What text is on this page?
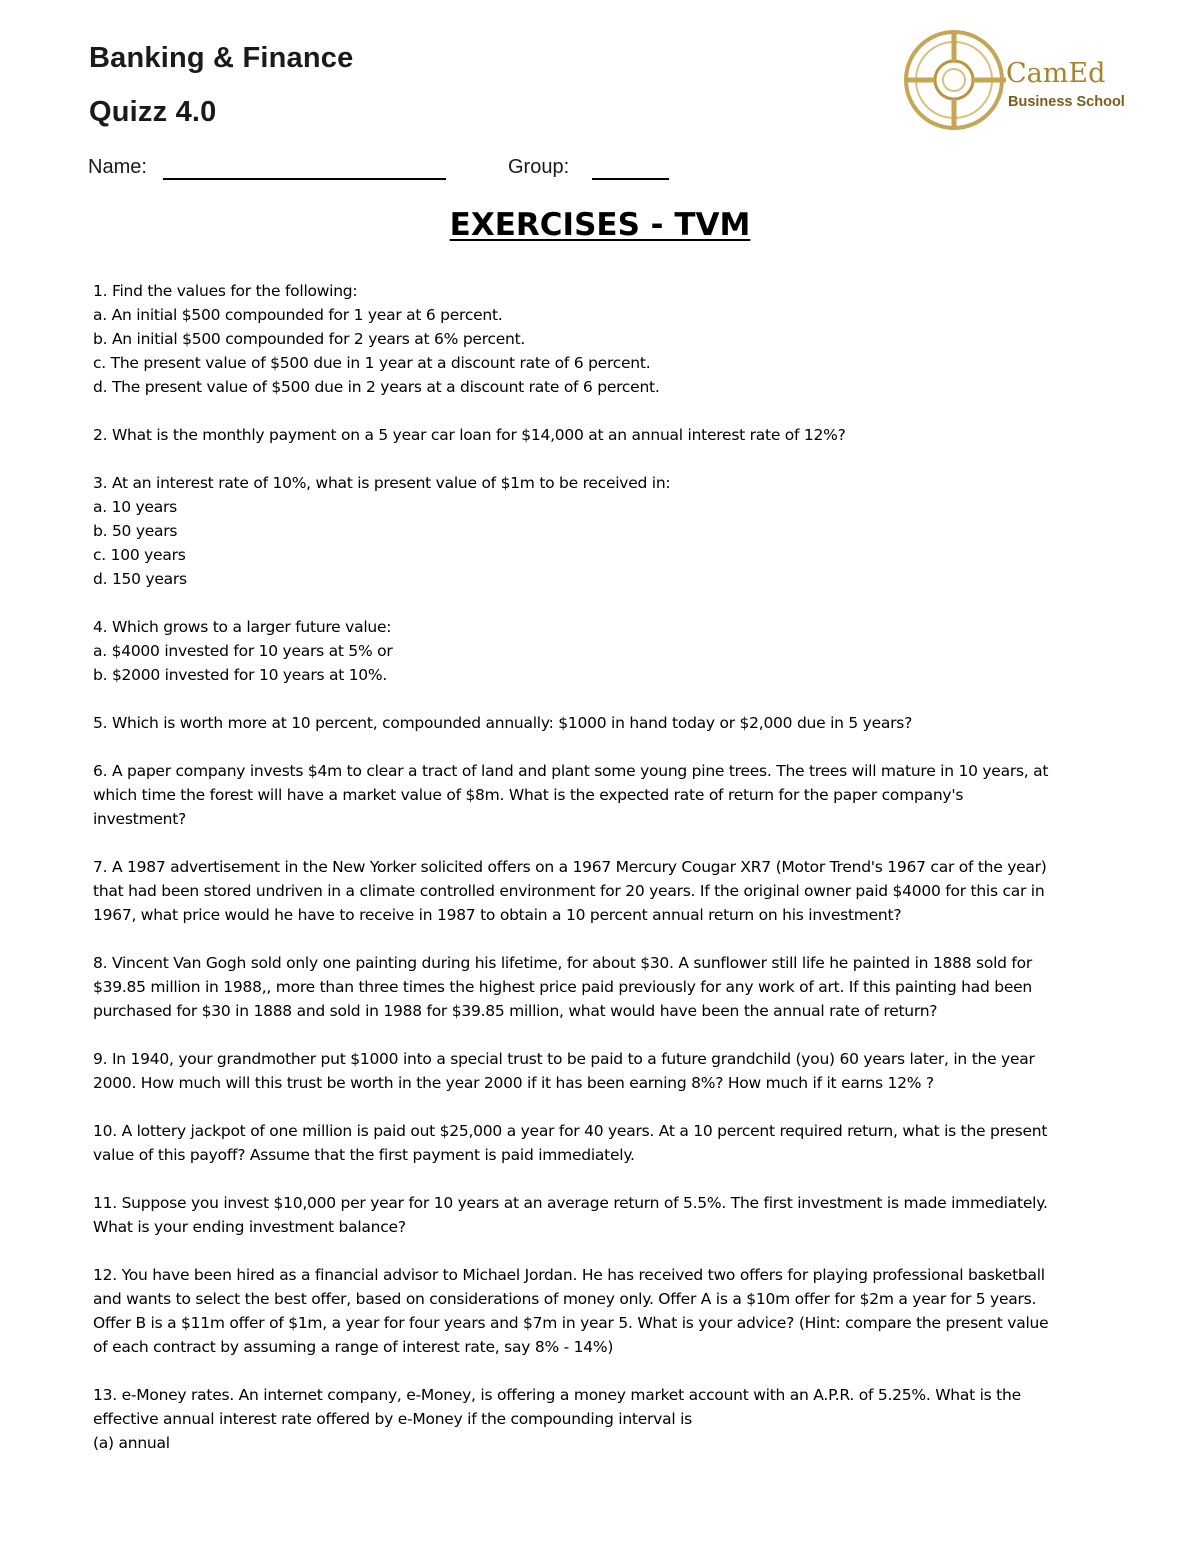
Banking & Finance
Quizz 4.0
Name:	Group:
CamEd
Business School
EXERCISES - TVM
1. Find the values for the following:
a. An initial $500 compounded for 1 year at 6 percent.
b. An initial $500 compounded for 2 years at 6% percent.
c. The present value of $500 due in 1 year at a discount rate of 6 percent.
d. The present value of $500 due in 2 years at a discount rate of 6 percent.
2. What is the monthly payment on a 5 year car loan for $14,000 at an annual interest rate of 12%?
3. At an interest rate of 10%, what is present value of $1m to be received in:
a. 10 years
b. 50 years
c. 100 years
d. 150 years
4. Which grows to a larger future value:
a. $4000 invested for 10 years at 5% or
b. $2000 invested for 10 years at 10%.
5. Which is worth more at 10 percent, compounded annually: $1000 in hand today or $2,000 due in 5 years?
6. A paper company invests $4m to clear a tract of land and plant some young pine trees. The trees will mature in 10 years, at
which time the forest will have a market value of $8m. What is the expected rate of return for the paper company's
investment?
7. A 1987 advertisement in the New Yorker solicited offers on a 1967 Mercury Cougar XR7 (Motor Trend's 1967 car of the year)
that had been stored undriven in a climate controlled environment for 20 years. If the original owner paid $4000 for this car in
1967, what price would he have to receive in 1987 to obtain a 10 percent annual return on his investment?
8. Vincent Van Gogh sold only one painting during his lifetime, for about $30. A sunflower still life he painted in 1888 sold for
$39.85 million in 1988,, more than three times the highest price paid previously for any work of art. If this painting had been
purchased for $30 in 1888 and sold in 1988 for $39.85 million, what would have been the annual rate of return?
9. In 1940, your grandmother put $1000 into a special trust to be paid to a future grandchild (you) 60 years later, in the year
2000. How much will this trust be worth in the year 2000 if it has been earning 8%? How much if it earns 12% ?
10. A lottery jackpot of one million is paid out $25,000 a year for 40 years. At a 10 percent required return, what is the present
value of this payoff? Assume that the first payment is paid immediately.
11. Suppose you invest $10,000 per year for 10 years at an average return of 5.5%. The first investment is made immediately.
What is your ending investment balance?
12. You have been hired as a financial advisor to Michael Jordan. He has received two offers for playing professional basketball
and wants to select the best offer, based on considerations of money only. Offer A is a $10m offer for $2m a year for 5 years.
Offer B is a $11m offer of $1m, a year for four years and $7m in year 5. What is your advice? (Hint: compare the present value
of each contract by assuming a range of interest rate, say 8% - 14%)
13. e-Money rates. An internet company, e-Money, is offering a money market account with an A.P.R. of 5.25%. What is the
effective annual interest rate offered by e-Money if the compounding interval is
(a) annual
